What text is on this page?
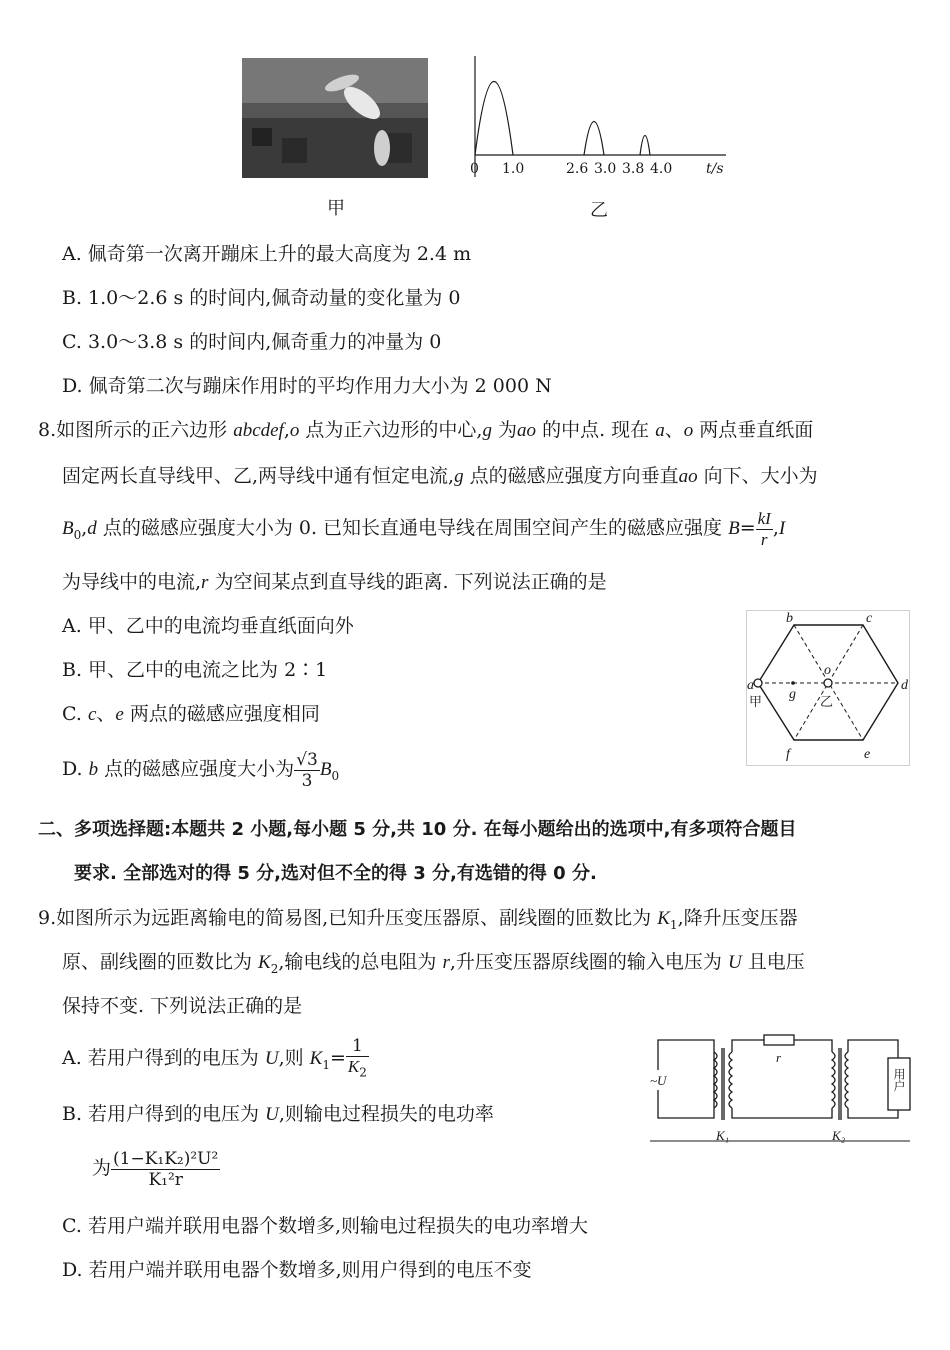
甲
0 1.0	2.6 3.0 3.8 4.0 t/s
乙
A. 佩奇第一次离开蹦床上升的最大高度为 2.4 m
B. 1.0～2.6 s 的时间内,佩奇动量的变化量为 0
C. 3.0～3.8 s 的时间内,佩奇重力的冲量为 0
D. 佩奇第二次与蹦床作用时的平均作用力大小为 2 000 N
8.如图所示的正六边形 abcdef,o 点为正六边形的中心,g 为ao 的中点. 现在 a、o 两点垂直纸面
固定两长直导线甲、乙,两导线中通有恒定电流,g 点的磁感应强度方向垂直ao 向下、大小为
$B_0,d$ 点的磁感应强度大小为 0. 已知长直通电导线在周围空间产生的磁感应强度 $B= \frac{kI}{r} ,I$
为导线中的电流,r 为空间某点到直导线的距离. 下列说法正确的是
A. 甲、乙中的电流均垂直纸面向外
B. 甲、乙中的电流之比为 2∶1
C. c、e 两点的磁感应强度相同
D. b 点的磁感应强度大小为 $\frac{√3}{3} B_0$
b	c
a	d
o
g
f	e
甲	乙
二、多项选择题:本题共 2 小题,每小题 5 分,共 10 分. 在每小题给出的选项中,有多项符合题目
要求. 全部选对的得 5 分,选对但不全的得 3 分,有选错的得 0 分.
9.如图所示为远距离输电的简易图,已知升压变压器原、副线圈的匝数比为 $K_1$,降升压变压器
原、副线圈的匝数比为 $K_2$,输电线的总电阻为 r,升压变压器原线圈的输入电压为 U 且电压
保持不变. 下列说法正确的是
A. 若用户得到的电压为 U,则 $K_1= \frac{1}{K_2}$
B. 若用户得到的电压为 U,则输电过程损失的电功率
为 $\frac{\text{(1−K₁K₂)²U²}}{\text{K₁²r}}$
C. 若用户端并联用电器个数增多,则输电过程损失的电功率增大
D. 若用户端并联用电器个数增多,则用户得到的电压不变
~U
r
K₁	K₂
用户
